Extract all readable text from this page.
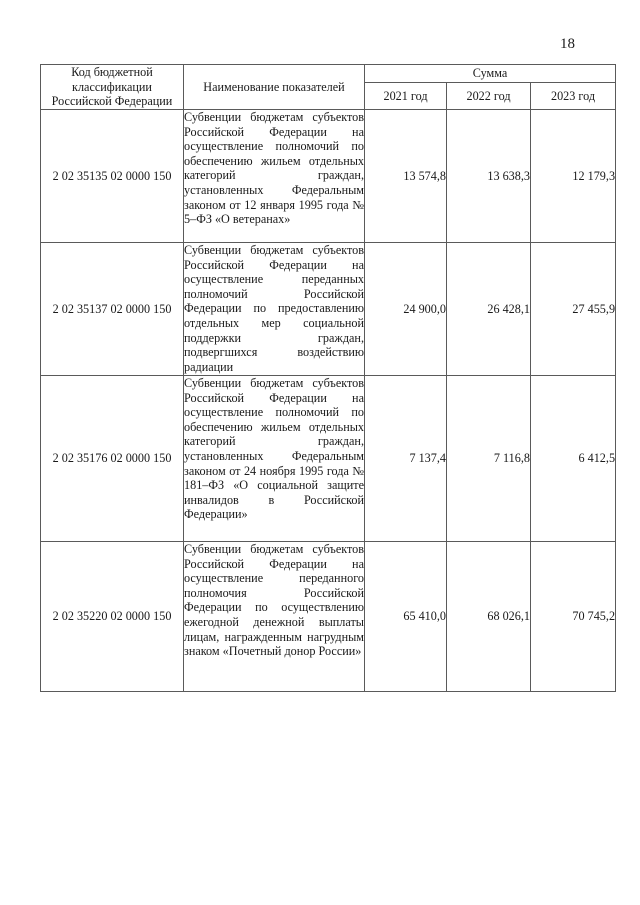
18
Код бюджетной классификации Российской Федерации	Наименование показателей	Сумма		
		2021 год	2022 год	2023 год
2 02 35135 02 0000 150	Субвенции бюджетам субъектов Российской Федерации на осуществление полномочий по обеспечению жильем отдельных категорий граждан, установленных Федеральным законом от 12 января 1995 года № 5–ФЗ «О ветеранах»	13 574,8	13 638,3	12 179,3
2 02 35137 02 0000 150	Субвенции бюджетам субъектов Российской Федерации на осуществление переданных полномочий Российской Федерации по предоставлению отдельных мер социальной поддержки граждан, подвергшихся воздействию радиации	24 900,0	26 428,1	27 455,9
2 02 35176 02 0000 150	Субвенции бюджетам субъектов Российской Федерации на осуществление полномочий по обеспечению жильем отдельных категорий граждан, установленных Федеральным законом от 24 ноября 1995 года № 181–ФЗ «О социальной защите инвалидов в Российской Федерации»	7 137,4	7 116,8	6 412,5
2 02 35220 02 0000 150	Субвенции бюджетам субъектов Российской Федерации на осуществление переданного полномочия Российской Федерации по осуществлению ежегодной денежной выплаты лицам, награжденным нагрудным знаком «Почетный донор России»	65 410,0	68 026,1	70 745,2
